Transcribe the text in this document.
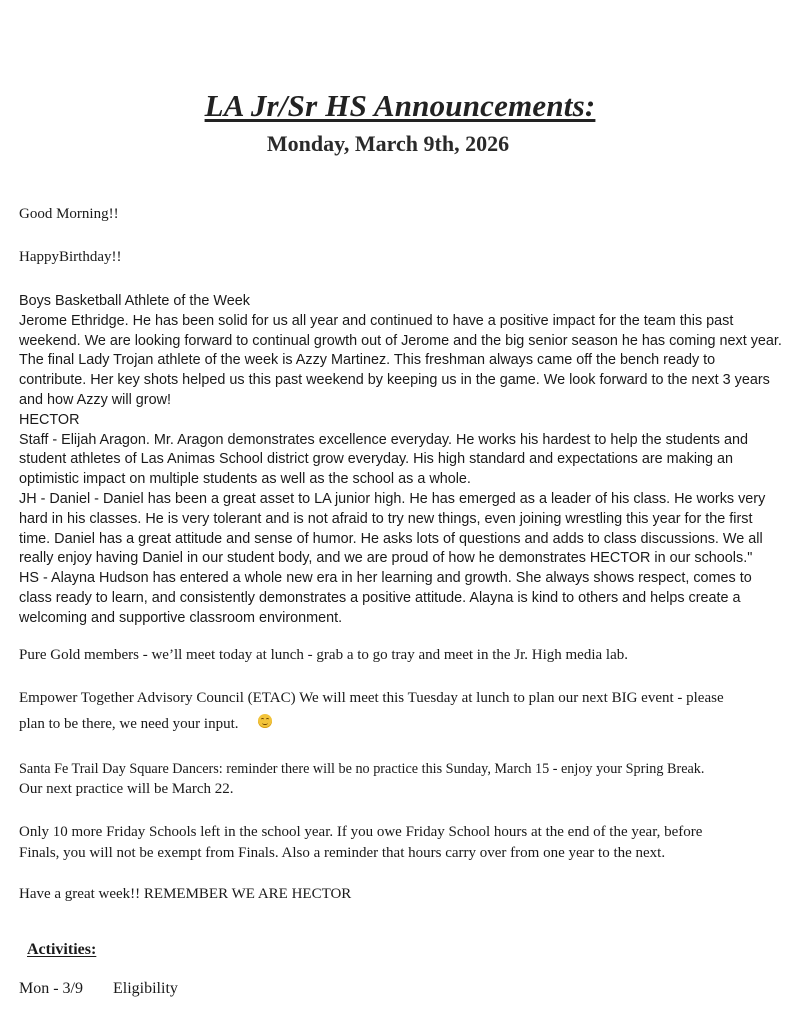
LA Jr/Sr HS Announcements:
Monday, March 9th, 2026
Good Morning!!
HappyBirthday!!
Boys Basketball Athlete of the Week
Jerome Ethridge. He has been solid for us all year and continued to have a positive impact for the team this past
weekend. We are looking forward to continual growth out of Jerome and the big senior season he has coming next year.
The final Lady Trojan athlete of the week is Azzy Martinez. This freshman always came off the bench ready to
contribute. Her key shots helped us this past weekend by keeping us in the game. We look forward to the next 3 years
and how Azzy will grow!
HECTOR
Staff - Elijah Aragon. Mr. Aragon demonstrates excellence everyday. He works his hardest to help the students and
student athletes of Las Animas School district grow everyday. His high standard and expectations are making an
optimistic impact on multiple students as well as the school as a whole.
JH - Daniel - Daniel has been a great asset to LA junior high. He has emerged as a leader of his class. He works very
hard in his classes. He is very tolerant and is not afraid to try new things, even joining wrestling this year for the first
time. Daniel has a great attitude and sense of humor. He asks lots of questions and adds to class discussions. We all
really enjoy having Daniel in our student body, and we are proud of how he demonstrates HECTOR in our schools."
HS - Alayna Hudson has entered a whole new era in her learning and growth. She always shows respect, comes to
class ready to learn, and consistently demonstrates a positive attitude. Alayna is kind to others and helps create a
welcoming and supportive classroom environment.
Pure Gold members - we’ll meet today at lunch - grab a to go tray and meet in the Jr. High media lab.
Empower Together Advisory Council (ETAC) We will meet this Tuesday at lunch to plan our next BIG event - please
plan to be there, we need your input.
Santa Fe Trail Day Square Dancers: reminder there will be no practice this Sunday, March 15 - enjoy your Spring Break.
Our next practice will be March 22.
Only 10 more Friday Schools left in the school year. If you owe Friday School hours at the end of the year, before
Finals, you will not be exempt from Finals. Also a reminder that hours carry over from one year to the next.
Have a great week!! REMEMBER WE ARE HECTOR
Activities:
Mon - 3/9 Eligibility
